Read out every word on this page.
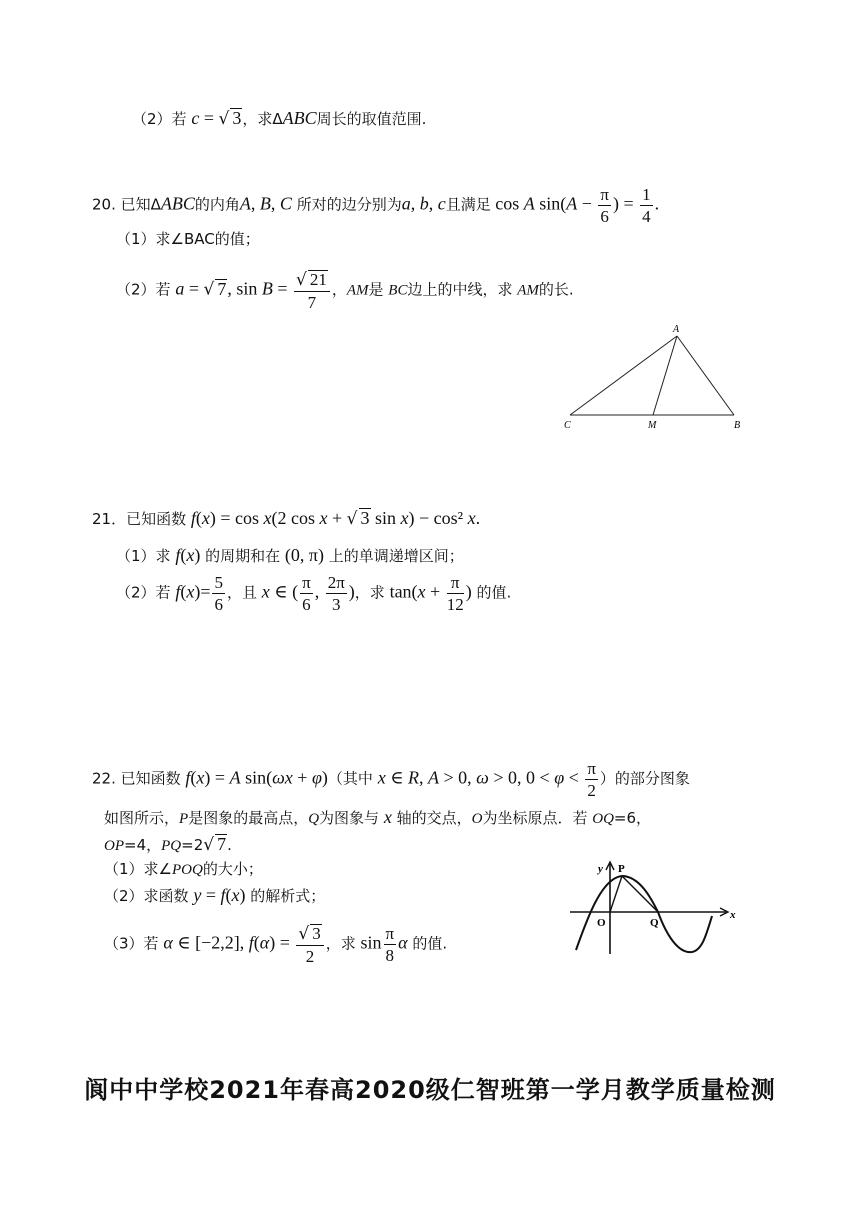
（2）若 c = √ 3，求ΔABC周长的取值范围.
20. 已知ΔABC的内角A, B, C 所对的边分别为a, b, c且满足 cos A $\sin(A - \frac{\pi}{6}$ ) = $\frac{1}{4}$ .
（1）求∠BAC的值；
（2）若 a = √ 7, $\sin B = \frac{√ 21}{7}$ ，AM是 BC边上的中线，求 AM的长.
A
C	M	B
21．已知函数 f(x) = cos x(2 cos x + √ 3 sin x) − cos² x.
（1）求 f(x) 的周期和在 (0, π) 上的单调递增区间；
（2）若 $f(x)= \frac{5}{6}$ ，且 x ∈ ( $\frac{\pi}{6}$ , $\frac{2\pi}{3}$ )，求 $\tan(x + \frac{\pi}{12}$ ) 的值.
22. 已知函数 f(x) = A sin(ωx + φ)（其中 x ∈ R, A > 0, ω > 0, $0 < \varphi < \frac{\pi}{2}$ ）的部分图象
如图所示，P是图象的最高点，Q为图象与 x 轴的交点，O为坐标原点．若 OQ=6，
OP=4，PQ=2√ 7.
（1）求∠POQ的大小；
（2）求函数 y = f(x) 的解析式；
（3）若 α ∈ [−2,2], $f(\alpha) = \frac{√ 3}{2}$ ，求 $\sin \frac{\pi}{8}$ α 的值.
y P
O	Q
x
阆中中学校2021年春高2020级仁智班第一学月教学质量检测
